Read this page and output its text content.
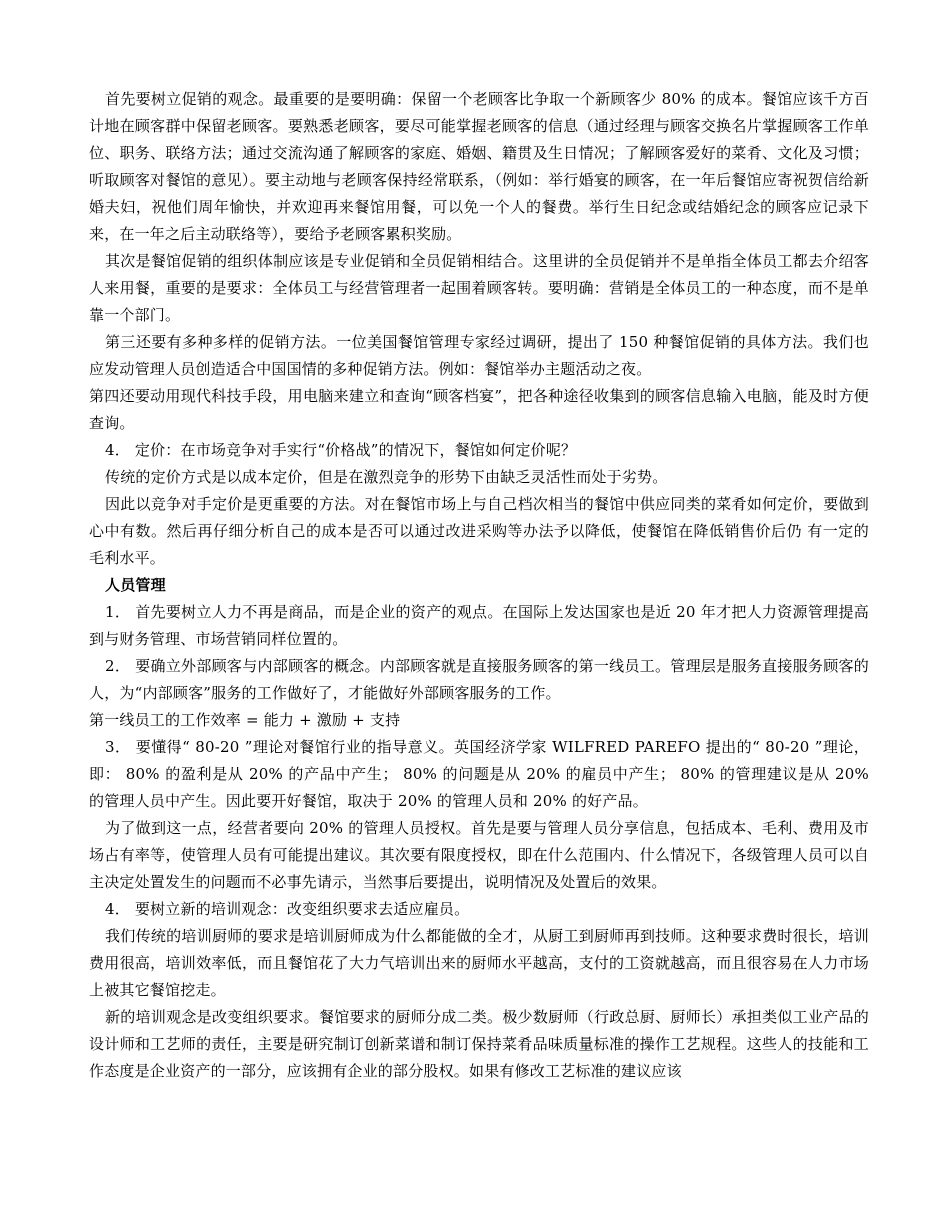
首先要树立促销的观念。最重要的是要明确：保留一个老顾客比争取一个新顾客少 80% 的成本。餐馆应该千方百计地在顾客群中保留老顾客。要熟悉老顾客，要尽可能掌握老顾客的信息（通过经理与顾客交换名片掌握顾客工作单位、职务、联络方法；通过交流沟通了解顾客的家庭、婚姻、籍贯及生日情况；了解顾客爱好的菜肴、文化及习惯；听取顾客对餐馆的意见）。要主动地与老顾客保持经常联系，（例如：举行婚宴的顾客，在一年后餐馆应寄祝贺信给新婚夫妇，祝他们周年愉快，并欢迎再来餐馆用餐，可以免一个人的餐费。举行生日纪念或结婚纪念的顾客应记录下来，在一年之后主动联络等），要给予老顾客累积奖励。

其次是餐馆促销的组织体制应该是专业促销和全员促销相结合。这里讲的全员促销并不是单指全体员工都去介绍客人来用餐，重要的是要求：全体员工与经营管理者一起围着顾客转。要明确：营销是全体员工的一种态度，而不是单靠一个部门。

第三还要有多种多样的促销方法。一位美国餐馆管理专家经过调研，提出了 150 种餐馆促销的具体方法。我们也应发动管理人员创造适合中国国情的多种促销方法。例如：餐馆举办主题活动之夜。

第四还要动用现代科技手段，用电脑来建立和查询“顾客档宴”，把各种途径收集到的顾客信息输入电脑，能及时方便查询。

4． 定价：在市场竞争对手实行“价格战”的情况下，餐馆如何定价呢？

传统的定价方式是以成本定价，但是在激烈竞争的形势下由缺乏灵活性而处于劣势。

因此以竞争对手定价是更重要的方法。对在餐馆市场上与自己档次相当的餐馆中供应同类的菜肴如何定价，要做到心中有数。然后再仔细分析自己的成本是否可以通过改进采购等办法予以降低，使餐馆在降低销售价后仍 有一定的毛利水平。

人员管理

1． 首先要树立人力不再是商品，而是企业的资产的观点。在国际上发达国家也是近 20 年才把人力资源管理提高到与财务管理、市场营销同样位置的。

2． 要确立外部顾客与内部顾客的概念。内部顾客就是直接服务顾客的第一线员工。管理层是服务直接服务顾客的人，为“内部顾客”服务的工作做好了，才能做好外部顾客服务的工作。

第一线员工的工作效率 = 能力 + 激励 + 支持

3． 要懂得“ 80-20 ”理论对餐馆行业的指导意义。英国经济学家 WILFRED PAREFO 提出的“ 80-20 ”理论，即： 80% 的盈利是从 20% 的产品中产生； 80% 的问题是从 20% 的雇员中产生； 80% 的管理建议是从 20% 的管理人员中产生。因此要开好餐馆，取决于 20% 的管理人员和 20% 的好产品。

为了做到这一点，经营者要向 20% 的管理人员授权。首先是要与管理人员分享信息，包括成本、毛利、费用及市场占有率等，使管理人员有可能提出建议。其次要有限度授权，即在什么范围内、什么情况下，各级管理人员可以自主决定处置发生的问题而不必事先请示，当然事后要提出，说明情况及处置后的效果。

4． 要树立新的培训观念：改变组织要求去适应雇员。

我们传统的培训厨师的要求是培训厨师成为什么都能做的全才，从厨工到厨师再到技师。这种要求费时很长，培训费用很高，培训效率低，而且餐馆花了大力气培训出来的厨师水平越高，支付的工资就越高，而且很容易在人力市场上被其它餐馆挖走。

新的培训观念是改变组织要求。餐馆要求的厨师分成二类。极少数厨师（行政总厨、厨师长）承担类似工业产品的设计师和工艺师的责任，主要是研究制订创新菜谱和制订保持菜肴品味质量标准的操作工艺规程。这些人的技能和工作态度是企业资产的一部分，应该拥有企业的部分股权。如果有修改工艺标准的建议应该
